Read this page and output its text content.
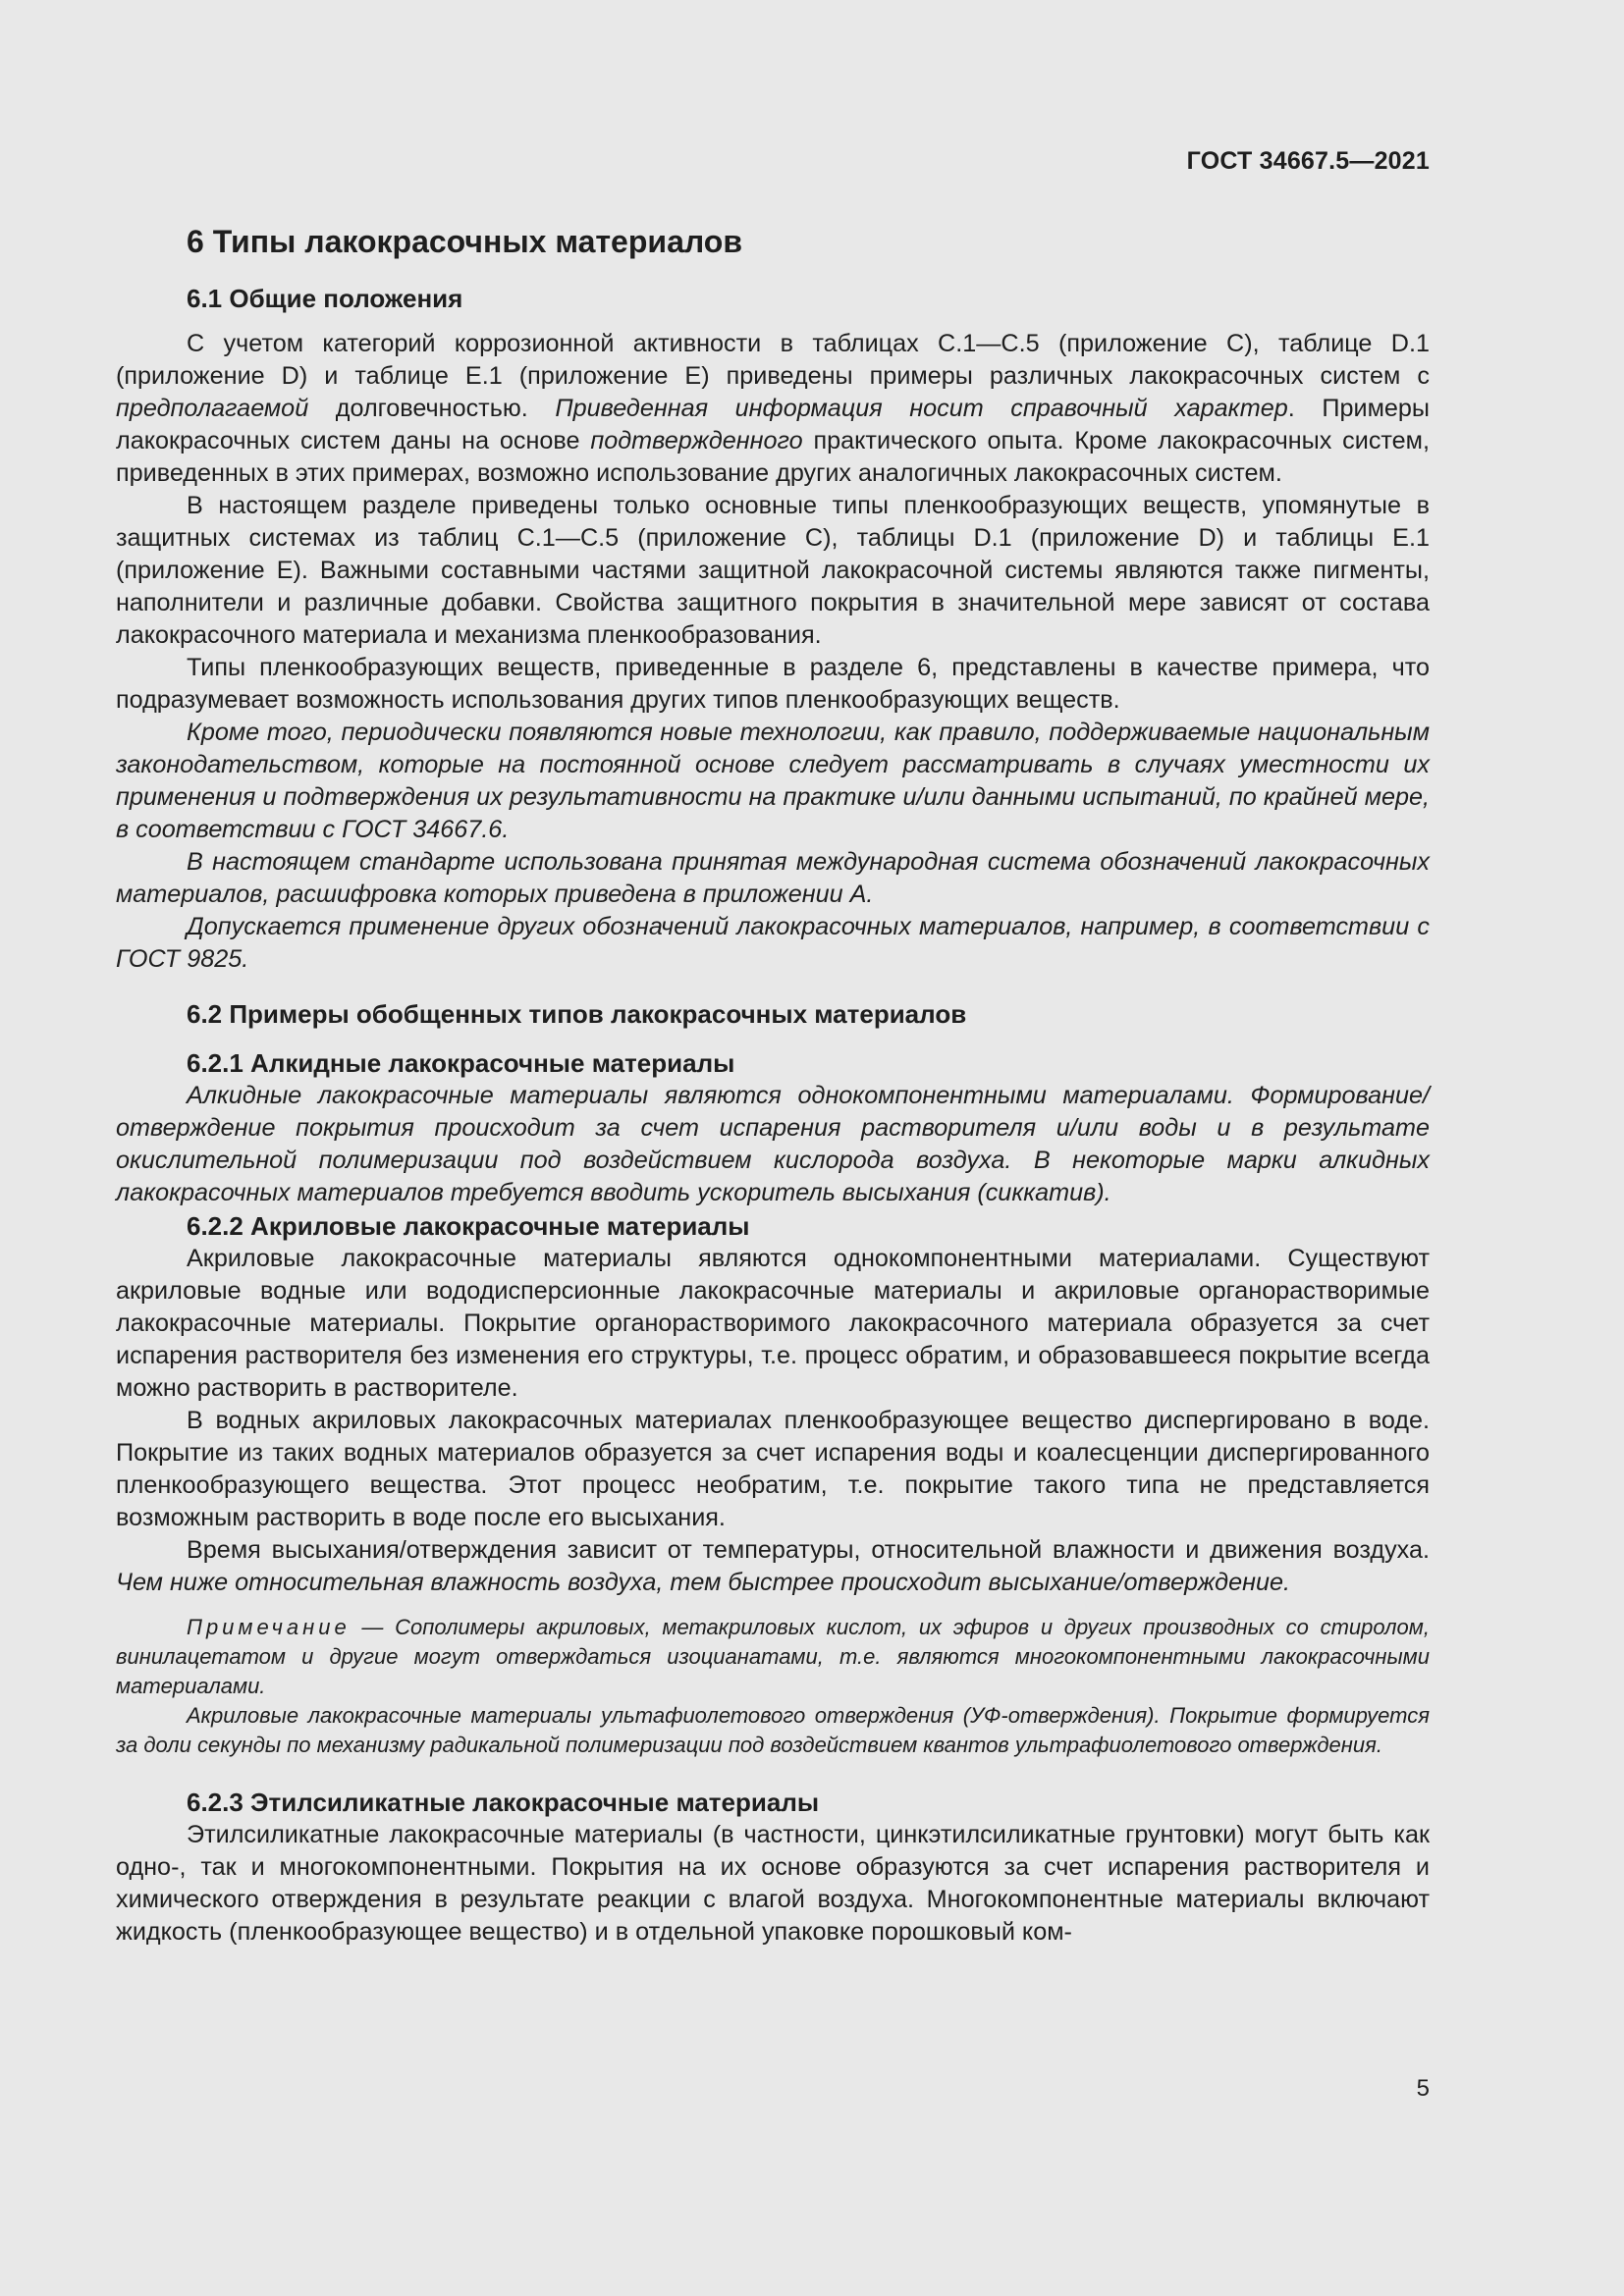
ГОСТ 34667.5—2021
6 Типы лакокрасочных материалов
6.1 Общие положения

С учетом категорий коррозионной активности в таблицах С.1—С.5 (приложение С), таблице D.1 (приложение D) и таблице Е.1 (приложение Е) приведены примеры различных лакокрасочных систем с предполагаемой долговечностью. Приведенная информация носит справочный характер. Примеры лакокрасочных систем даны на основе подтвержденного практического опыта. Кроме лакокрасочных систем, приведенных в этих примерах, возможно использование других аналогичных лакокрасочных систем.

В настоящем разделе приведены только основные типы пленкообразующих веществ, упомянутые в защитных системах из таблиц С.1—С.5 (приложение С), таблицы D.1 (приложение D) и таблицы Е.1 (приложение Е). Важными составными частями защитной лакокрасочной системы являются также пигменты, наполнители и различные добавки. Свойства защитного покрытия в значительной мере зависят от состава лакокрасочного материала и механизма пленкообразования.

Типы пленкообразующих веществ, приведенные в разделе 6, представлены в качестве примера, что подразумевает возможность использования других типов пленкообразующих веществ.

Кроме того, периодически появляются новые технологии, как правило, поддерживаемые национальным законодательством, которые на постоянной основе следует рассматривать в случаях уместности их применения и подтверждения их результативности на практике и/или данными испытаний, по крайней мере, в соответствии с ГОСТ 34667.6.

В настоящем стандарте использована принятая международная система обозначений лакокрасочных материалов, расшифровка которых приведена в приложении А.

Допускается применение других обозначений лакокрасочных материалов, например, в соответствии с ГОСТ 9825.

6.2 Примеры обобщенных типов лакокрасочных материалов
6.2.1 Алкидные лакокрасочные материалы

Алкидные лакокрасочные материалы являются однокомпонентными материалами. Формирование/отверждение покрытия происходит за счет испарения растворителя и/или воды и в результате окислительной полимеризации под воздействием кислорода воздуха. В некоторые марки алкидных лакокрасочных материалов требуется вводить ускоритель высыхания (сиккатив).

6.2.2 Акриловые лакокрасочные материалы

Акриловые лакокрасочные материалы являются однокомпонентными материалами. Существуют акриловые водные или вододисперсионные лакокрасочные материалы и акриловые органорастворимые лакокрасочные материалы. Покрытие органорастворимого лакокрасочного материала образуется за счет испарения растворителя без изменения его структуры, т.е. процесс обратим, и образовавшееся покрытие всегда можно растворить в растворителе.

В водных акриловых лакокрасочных материалах пленкообразующее вещество диспергировано в воде. Покрытие из таких водных материалов образуется за счет испарения воды и коалесценции диспергированного пленкообразующего вещества. Этот процесс необратим, т.е. покрытие такого типа не представляется возможным растворить в воде после его высыхания.

Время высыхания/отверждения зависит от температуры, относительной влажности и движения воздуха. Чем ниже относительная влажность воздуха, тем быстрее происходит высыхание/отверждение.

Примечание — Сополимеры акриловых, метакриловых кислот, их эфиров и других производных со стиролом, винилацетатом и другие могут отверждаться изоцианатами, т.е. являются многокомпонентными лакокрасочными материалами.

Акриловые лакокрасочные материалы ультафиолетового отверждения (УФ-отверждения). Покрытие формируется за доли секунды по механизму радикальной полимеризации под воздействием квантов ультрафиолетового отверждения.

6.2.3 Этилсиликатные лакокрасочные материалы

Этилсиликатные лакокрасочные материалы (в частности, цинкэтилсиликатные грунтовки) могут быть как одно-, так и многокомпонентными. Покрытия на их основе образуются за счет испарения растворителя и химического отверждения в результате реакции с влагой воздуха. Многокомпонентные материалы включают жидкость (пленкообразующее вещество) и в отдельной упаковке порошковый ком-

5
